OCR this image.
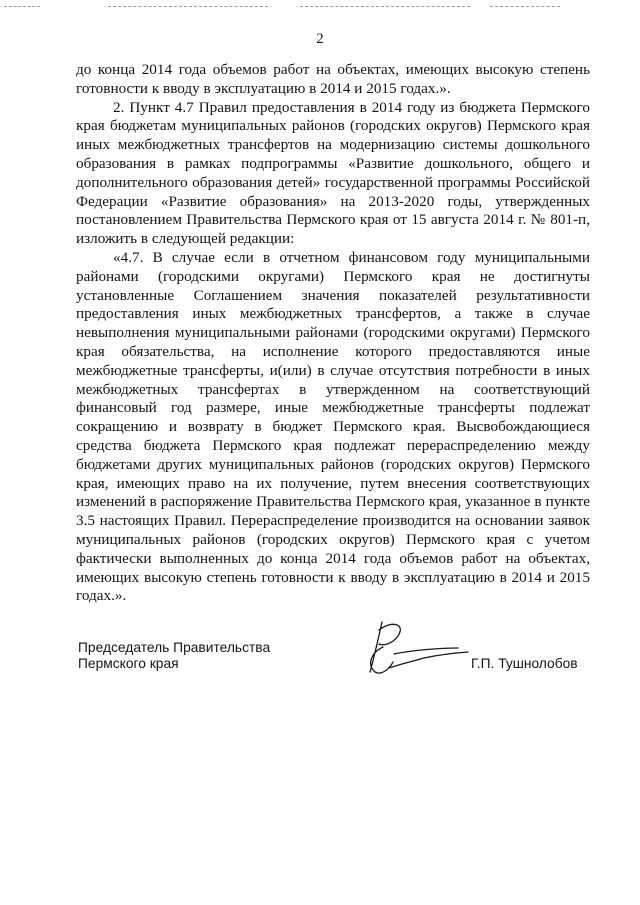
2

до конца 2014 года объемов работ на объектах, имеющих высокую степень готовности к вводу в эксплуатацию в 2014 и 2015 годах.».

2. Пункт 4.7 Правил предоставления в 2014 году из бюджета Пермского края бюджетам муниципальных районов (городских округов) Пермского края иных межбюджетных трансфертов на модернизацию системы дошкольного образования в рамках подпрограммы «Развитие дошкольного, общего и дополнительного образования детей» государственной программы Российской Федерации «Развитие образования» на 2013-2020 годы, утвержденных постановлением Правительства Пермского края от 15 августа 2014 г. № 801-п, изложить в следующей редакции:

«4.7. В случае если в отчетном финансовом году муниципальными районами (городскими округами) Пермского края не достигнуты установленные Соглашением значения показателей результативности предоставления иных межбюджетных трансфертов, а также в случае невыполнения муниципальными районами (городскими округами) Пермского края обязательства, на исполнение которого предоставляются иные межбюджетные трансферты, и(или) в случае отсутствия потребности в иных межбюджетных трансфертах в утвержденном на соответствующий финансовый год размере, иные межбюджетные трансферты подлежат сокращению и возврату в бюджет Пермского края. Высвобождающиеся средства бюджета Пермского края подлежат перераспределению между бюджетами других муниципальных районов (городских округов) Пермского края, имеющих право на их получение, путем внесения соответствующих изменений в распоряжение Правительства Пермского края, указанное в пункте 3.5 настоящих Правил. Перераспределение производится на основании заявок муниципальных районов (городских округов) Пермского края с учетом фактически выполненных до конца 2014 года объемов работ на объектах, имеющих высокую степень готовности к вводу в эксплуатацию в 2014 и 2015 годах.».

Председатель Правительства
Пермского края	Г.П. Тушнолобов
